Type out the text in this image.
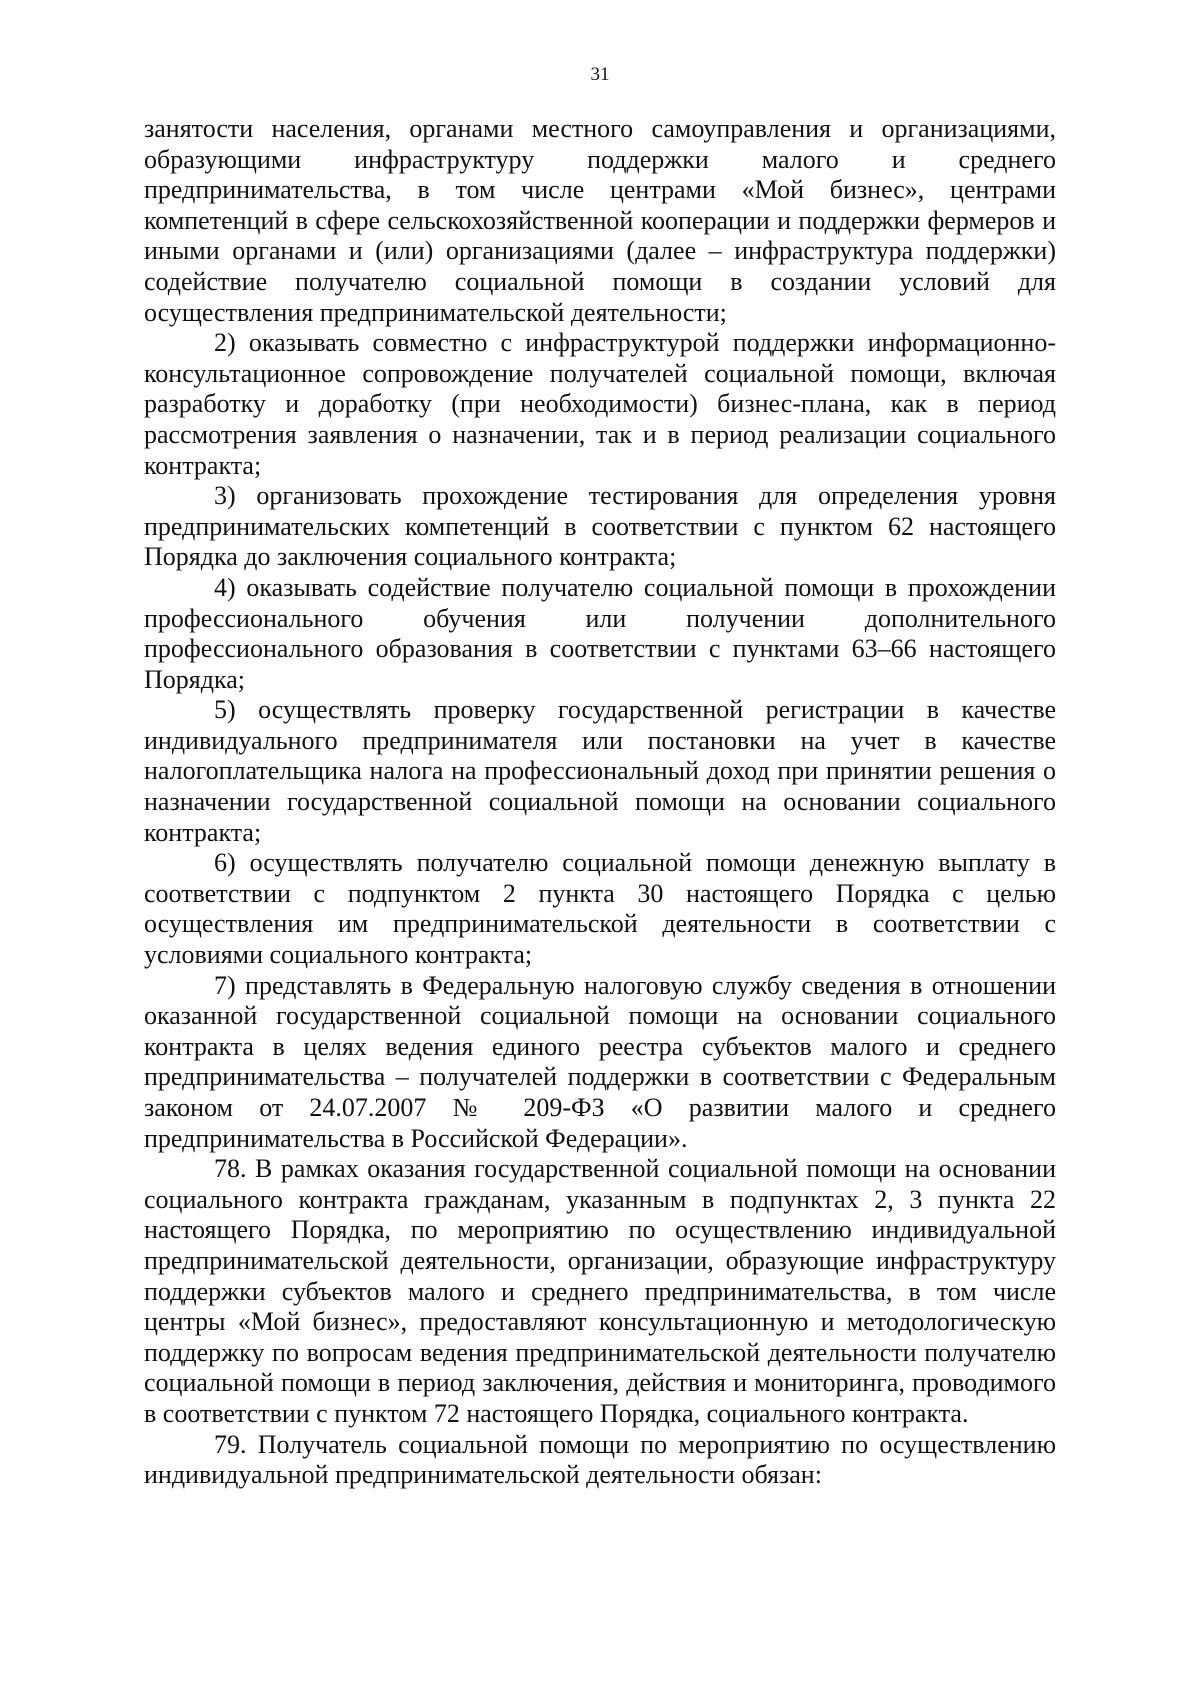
31

занятости населения, органами местного самоуправления и организациями, образующими инфраструктуру поддержки малого и среднего предпринимательства, в том числе центрами «Мой бизнес», центрами компетенций в сфере сельскохозяйственной кооперации и поддержки фермеров и иными органами и (или) организациями (далее – инфраструктура поддержки) содействие получателю социальной помощи в создании условий для осуществления предпринимательской деятельности;

2) оказывать совместно с инфраструктурой поддержки информационно-консультационное сопровождение получателей социальной помощи, включая разработку и доработку (при необходимости) бизнес-плана, как в период рассмотрения заявления о назначении, так и в период реализации социального контракта;

3) организовать прохождение тестирования для определения уровня предпринимательских компетенций в соответствии с пунктом 62 настоящего Порядка до заключения социального контракта;

4) оказывать содействие получателю социальной помощи в прохождении профессионального обучения или получении дополнительного профессионального образования в соответствии с пунктами 63–66 настоящего Порядка;

5) осуществлять проверку государственной регистрации в качестве индивидуального предпринимателя или постановки на учет в качестве налогоплательщика налога на профессиональный доход при принятии решения о назначении государственной социальной помощи на основании социального контракта;

6) осуществлять получателю социальной помощи денежную выплату в соответствии с подпунктом 2 пункта 30 настоящего Порядка с целью осуществления им предпринимательской деятельности в соответствии с условиями социального контракта;

7) представлять в Федеральную налоговую службу сведения в отношении оказанной государственной социальной помощи на основании социального контракта в целях ведения единого реестра субъектов малого и среднего предпринимательства – получателей поддержки в соответствии с Федеральным законом от 24.07.2007 № 209-ФЗ «О развитии малого и среднего предпринимательства в Российской Федерации».

78. В рамках оказания государственной социальной помощи на основании социального контракта гражданам, указанным в подпунктах 2, 3 пункта 22 настоящего Порядка, по мероприятию по осуществлению индивидуальной предпринимательской деятельности, организации, образующие инфраструктуру поддержки субъектов малого и среднего предпринимательства, в том числе центры «Мой бизнес», предоставляют консультационную и методологическую поддержку по вопросам ведения предпринимательской деятельности получателю социальной помощи в период заключения, действия и мониторинга, проводимого в соответствии с пунктом 72 настоящего Порядка, социального контракта.

79. Получатель социальной помощи по мероприятию по осуществлению индивидуальной предпринимательской деятельности обязан:
